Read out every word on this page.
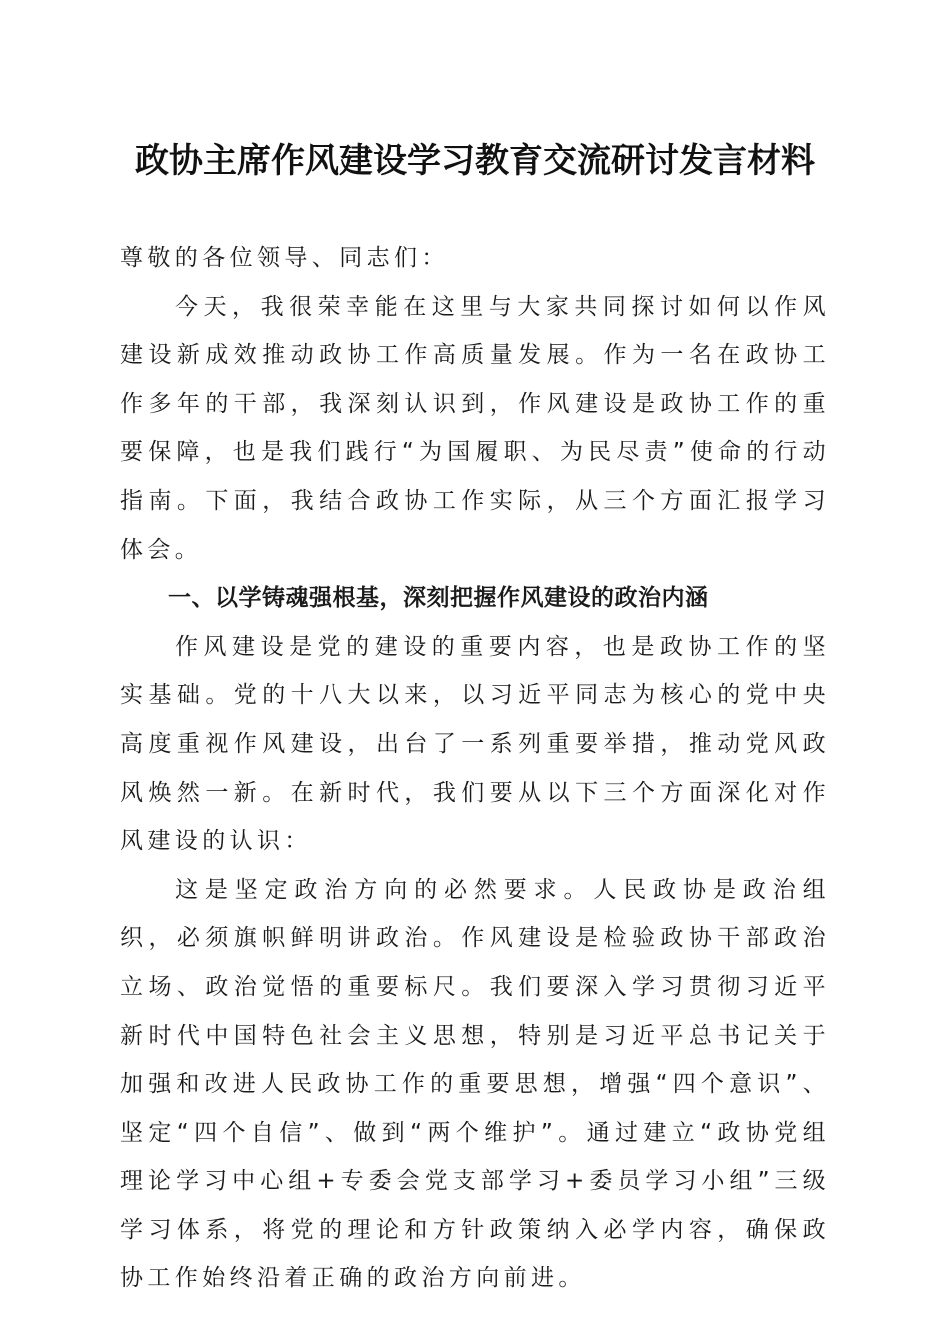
政协主席作风建设学习教育交流研讨发言材料

尊敬的各位领导、同志们：

今天，我很荣幸能在这里与大家共同探讨如何以作风建设新成效推动政协工作高质量发展。作为一名在政协工作多年的干部，我深刻认识到，作风建设是政协工作的重要保障，也是我们践行“为国履职、为民尽责”使命的行动指南。下面，我结合政协工作实际，从三个方面汇报学习体会。

一、以学铸魂强根基，深刻把握作风建设的政治内涵

作风建设是党的建设的重要内容，也是政协工作的坚实基础。党的十八大以来，以习近平同志为核心的党中央高度重视作风建设，出台了一系列重要举措，推动党风政风焕然一新。在新时代，我们要从以下三个方面深化对作风建设的认识：

这是坚定政治方向的必然要求。人民政协是政治组织，必须旗帜鲜明讲政治。作风建设是检验政协干部政治立场、政治觉悟的重要标尺。我们要深入学习贯彻习近平新时代中国特色社会主义思想，特别是习近平总书记关于加强和改进人民政协工作的重要思想，增强“四个意识”、坚定“四个自信”、做到“两个维护”。通过建立“政协党组理论学习中心组+专委会党支部学习+委员学习小组”三级学习体系，将党的理论和方针政策纳入必学内容，确保政协工作始终沿着正确的政治方向前进。
